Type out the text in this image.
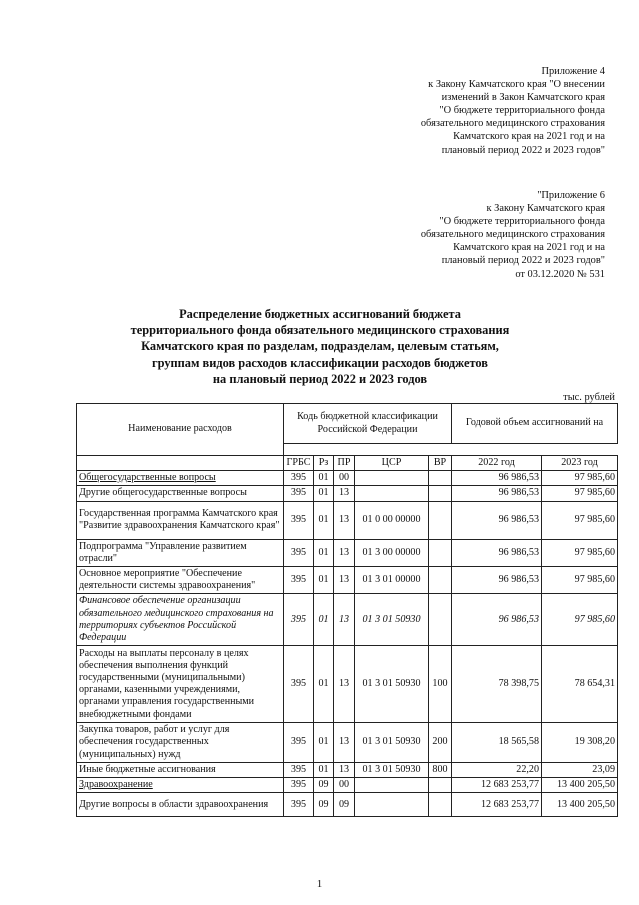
Приложение 4
к Закону Камчатского края "О внесении
изменений в Закон Камчатского края
"О бюджете территориального фонда
обязательного медицинского страхования
Камчатского края на 2021 год и на
плановый период 2022 и 2023 годов"
"Приложение 6
к Закону Камчатского края
"О бюджете территориального фонда
обязательного медицинского страхования
Камчатского края на 2021 год и на
плановый период 2022 и 2023 годов"
от 03.12.2020 № 531
Распределение бюджетных ассигнований бюджета
территориального фонда обязательного медицинского страхования
Камчатского края по разделам, подразделам, целевым статьям,
группам видов расходов классификации расходов бюджетов
на плановый период 2022 и 2023 годов
тыс. рублей
Наименование расходов	Кодь бюджетной классификации Российской Федерации					Годовой объем ассигнований на	

	ГРБС	Рз	ПР	ЦСР	ВР	2022 год	2023 год
Общегосударственные вопросы	395	01	00			96 986,53	97 985,60
Другие общегосударственные вопросы	395	01	13			96 986,53	97 985,60
Государственная программа Камчатского края "Развитие здравоохранения Камчатского края"	395	01	13	01 0 00 00000		96 986,53	97 985,60
Подпрограмма "Управление развитием отрасли"	395	01	13	01 3 00 00000		96 986,53	97 985,60
Основное мероприятие "Обеспечение деятельности системы здравоохранения"	395	01	13	01 3 01 00000		96 986,53	97 985,60
Финансовое обеспечение организации обязательного медицинского страхования на территориях субъектов Российской Федерации	395	01	13	01 3 01 50930		96 986,53	97 985,60
Расходы на выплаты персоналу в целях обеспечения выполнения функций государственными (муниципальными) органами, казенными учреждениями, органами управления государственными внебюджетными фондами	395	01	13	01 3 01 50930	100	78 398,75	78 654,31
Закупка товаров, работ и услуг для обеспечения государственных (муниципальных) нужд	395	01	13	01 3 01 50930	200	18 565,58	19 308,20
Иные бюджетные ассигнования	395	01	13	01 3 01 50930	800	22,20	23,09
Здравоохранение	395	09	00			12 683 253,77	13 400 205,50
Другие вопросы в области здравоохранения	395	09	09			12 683 253,77	13 400 205,50
1
